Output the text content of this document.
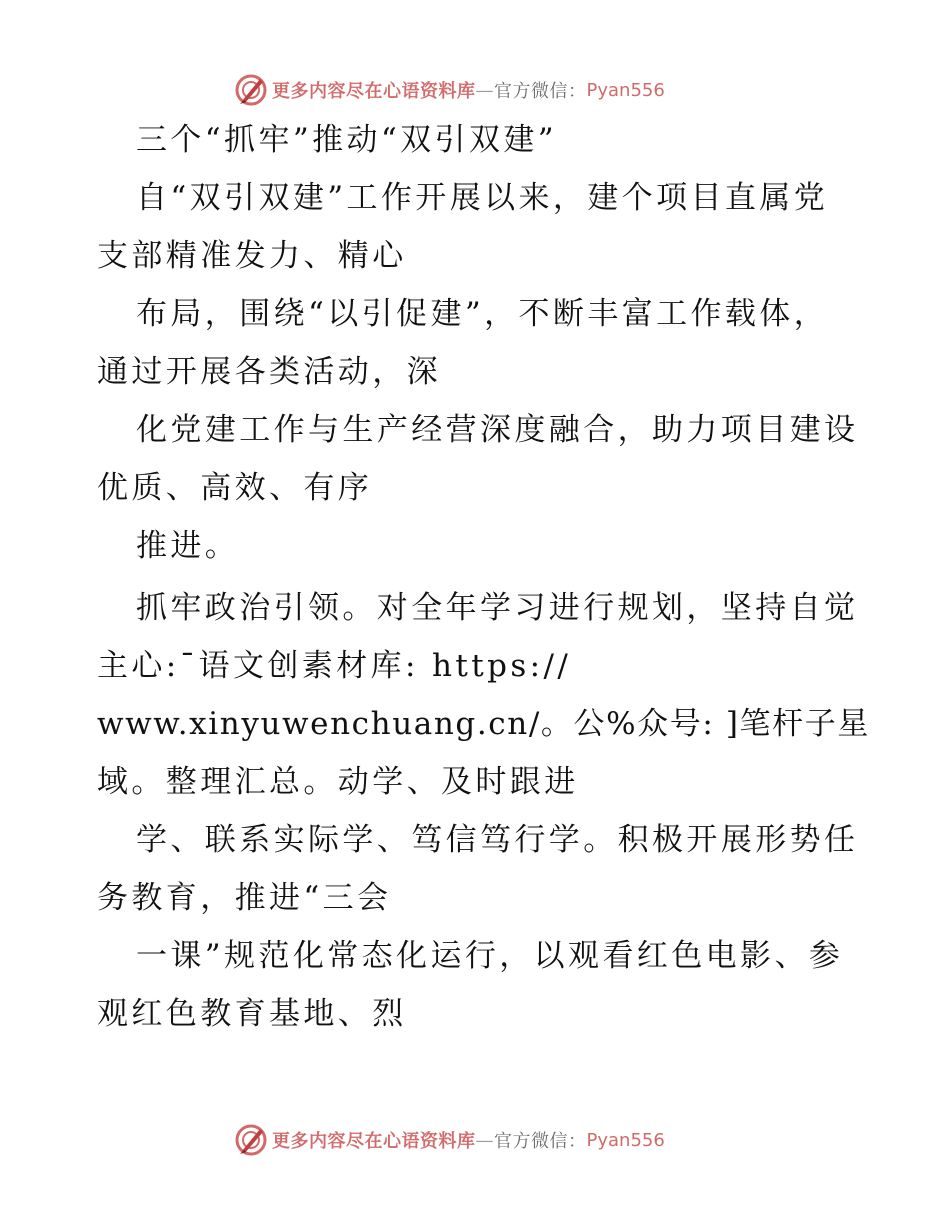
更多内容尽在心语资料库 — 官方微信： Pyan556
三个“抓牢”推动“双引双建”
自“双引双建”工作开展以来，建个项目直属党
支部精准发力、精心
布局，围绕“以引促建”，不断丰富工作载体，
通过开展各类活动，深
化党建工作与生产经营深度融合，助力项目建设
优质、高效、有序
推进。
抓牢政治引领。对全年学习进行规划，坚持自觉
主心:¯语文创素材库: https://
www.xinyuwenchuang.cn/。公%众号: ]笔杆子星
域。整理汇总。动学、及时跟进
学、联系实际学、笃信笃行学。积极开展形势任
务教育，推进“三会
一课”规范化常态化运行，以观看红色电影、参
观红色教育基地、烈
更多内容尽在心语资料库 — 官方微信： Pyan556
